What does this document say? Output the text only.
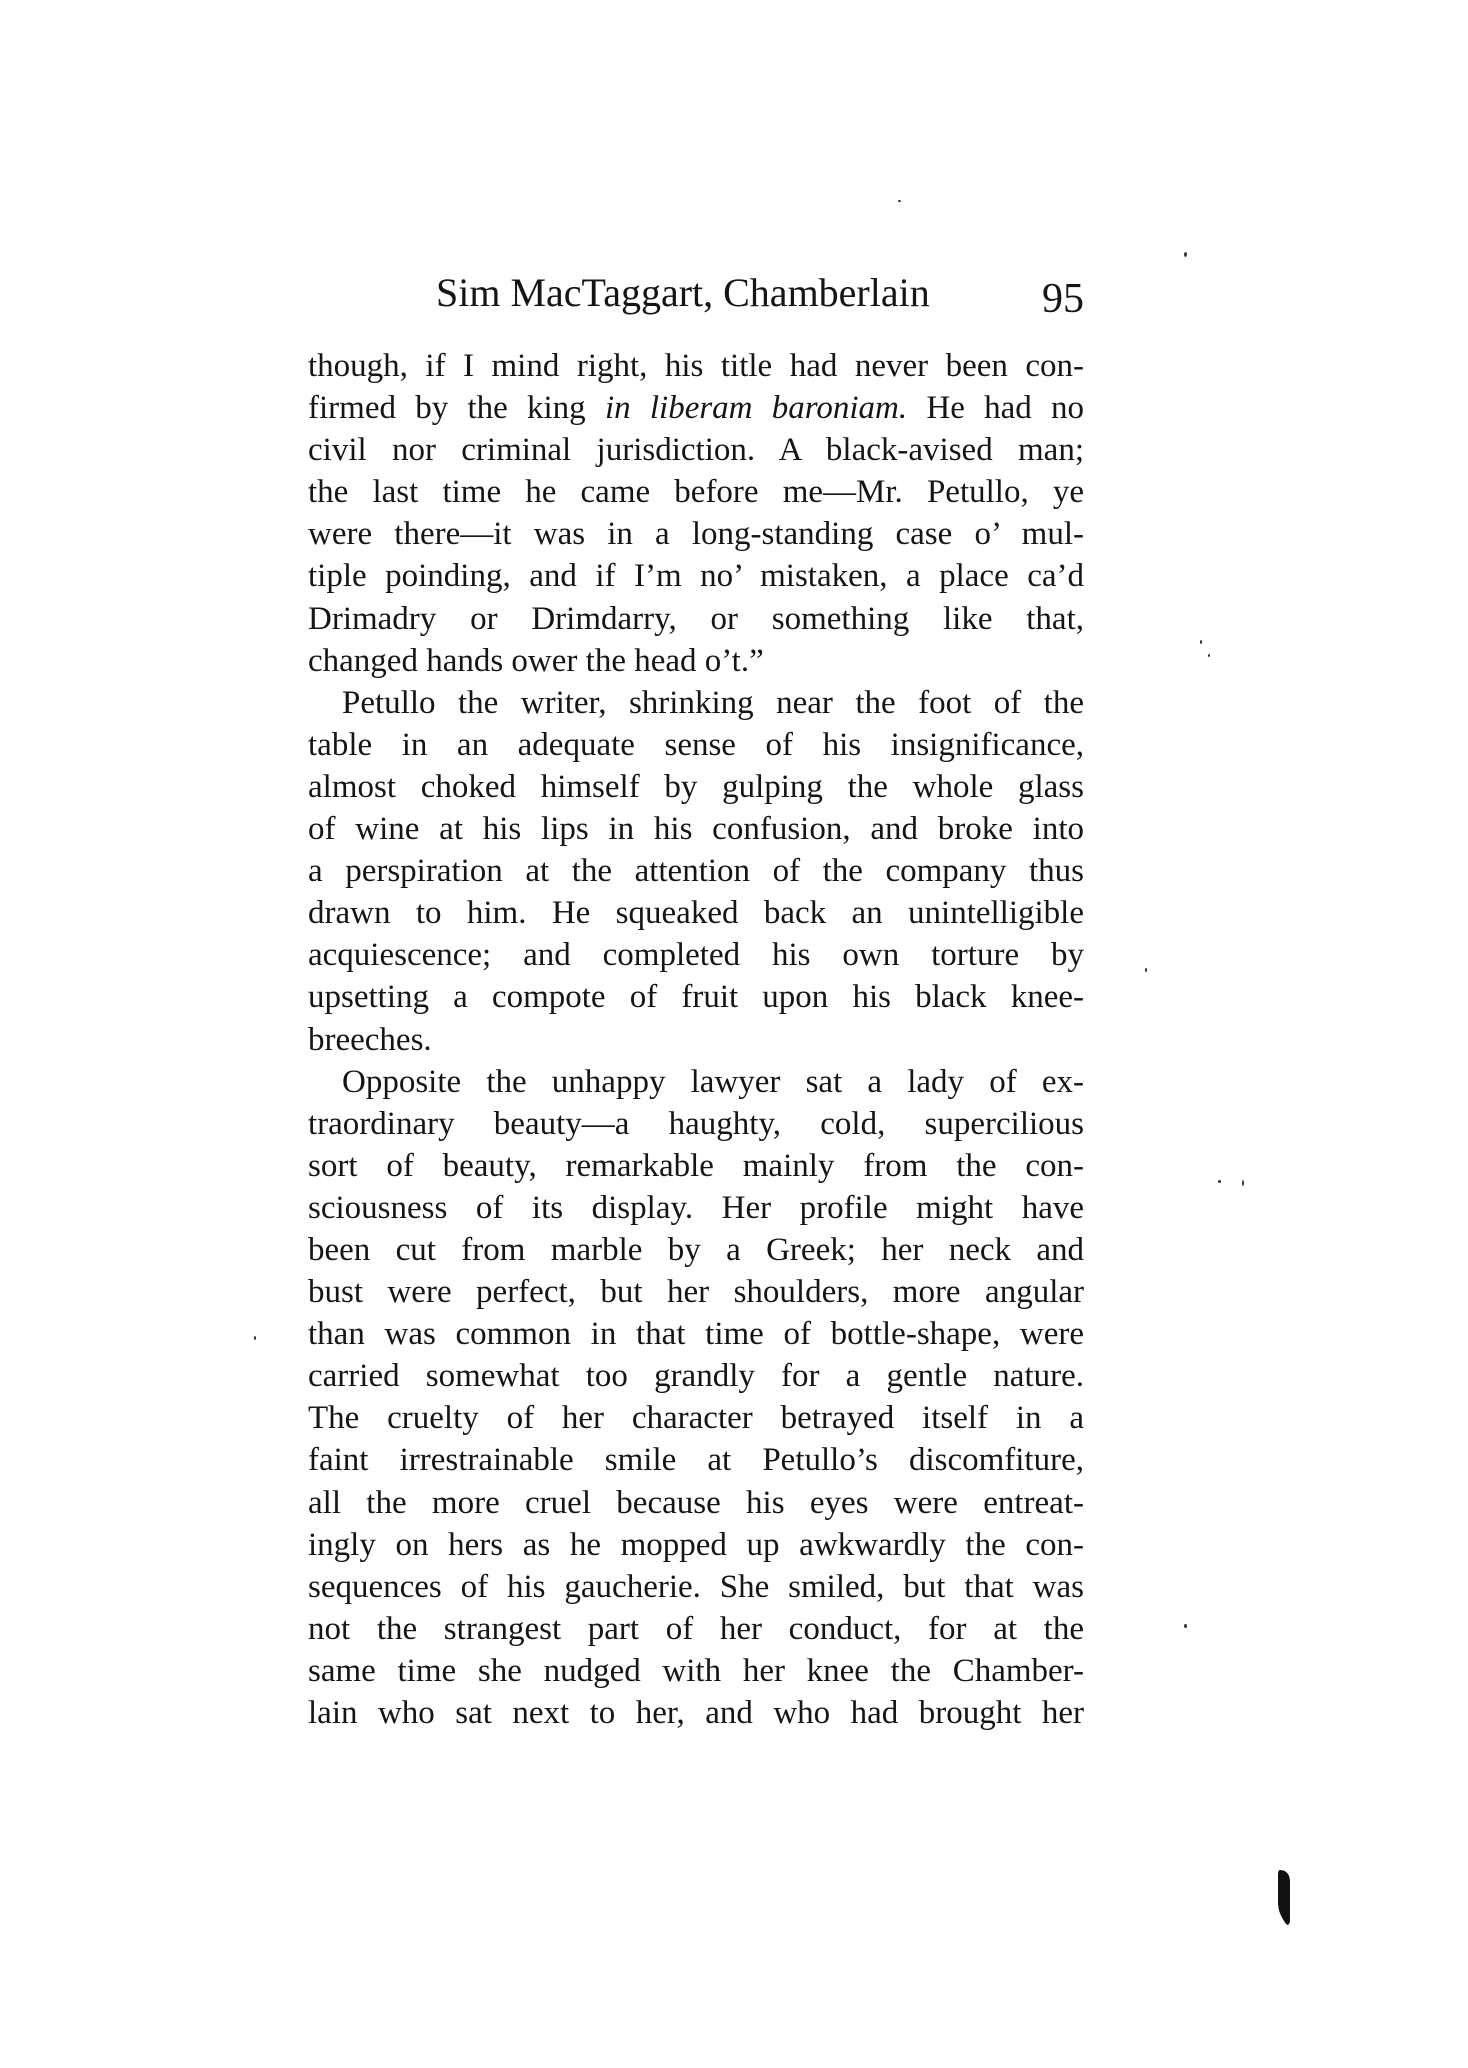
Sim MacTaggart, Chamberlain	95
though, if I mind right, his title had never been con-
firmed by the king in liberam baroniam. He had no
civil nor criminal jurisdiction. A black-avised man;
the last time he came before me—Mr. Petullo, ye
were there—it was in a long-standing case o’ mul-
tiple poinding, and if I’m no’ mistaken, a place ca’d
Drimadry or Drimdarry, or something like that,
changed hands ower the head o’t.”
Petullo the writer, shrinking near the foot of the
table in an adequate sense of his insignificance,
almost choked himself by gulping the whole glass
of wine at his lips in his confusion, and broke into
a perspiration at the attention of the company thus
drawn to him. He squeaked back an unintelligible
acquiescence; and completed his own torture by
upsetting a compote of fruit upon his black knee-
breeches.
Opposite the unhappy lawyer sat a lady of ex-
traordinary beauty—a haughty, cold, supercilious
sort of beauty, remarkable mainly from the con-
sciousness of its display. Her profile might have
been cut from marble by a Greek; her neck and
bust were perfect, but her shoulders, more angular
than was common in that time of bottle-shape, were
carried somewhat too grandly for a gentle nature.
The cruelty of her character betrayed itself in a
faint irrestrainable smile at Petullo’s discomfiture,
all the more cruel because his eyes were entreat-
ingly on hers as he mopped up awkwardly the con-
sequences of his gaucherie. She smiled, but that was
not the strangest part of her conduct, for at the
same time she nudged with her knee the Chamber-
lain who sat next to her, and who had brought her
